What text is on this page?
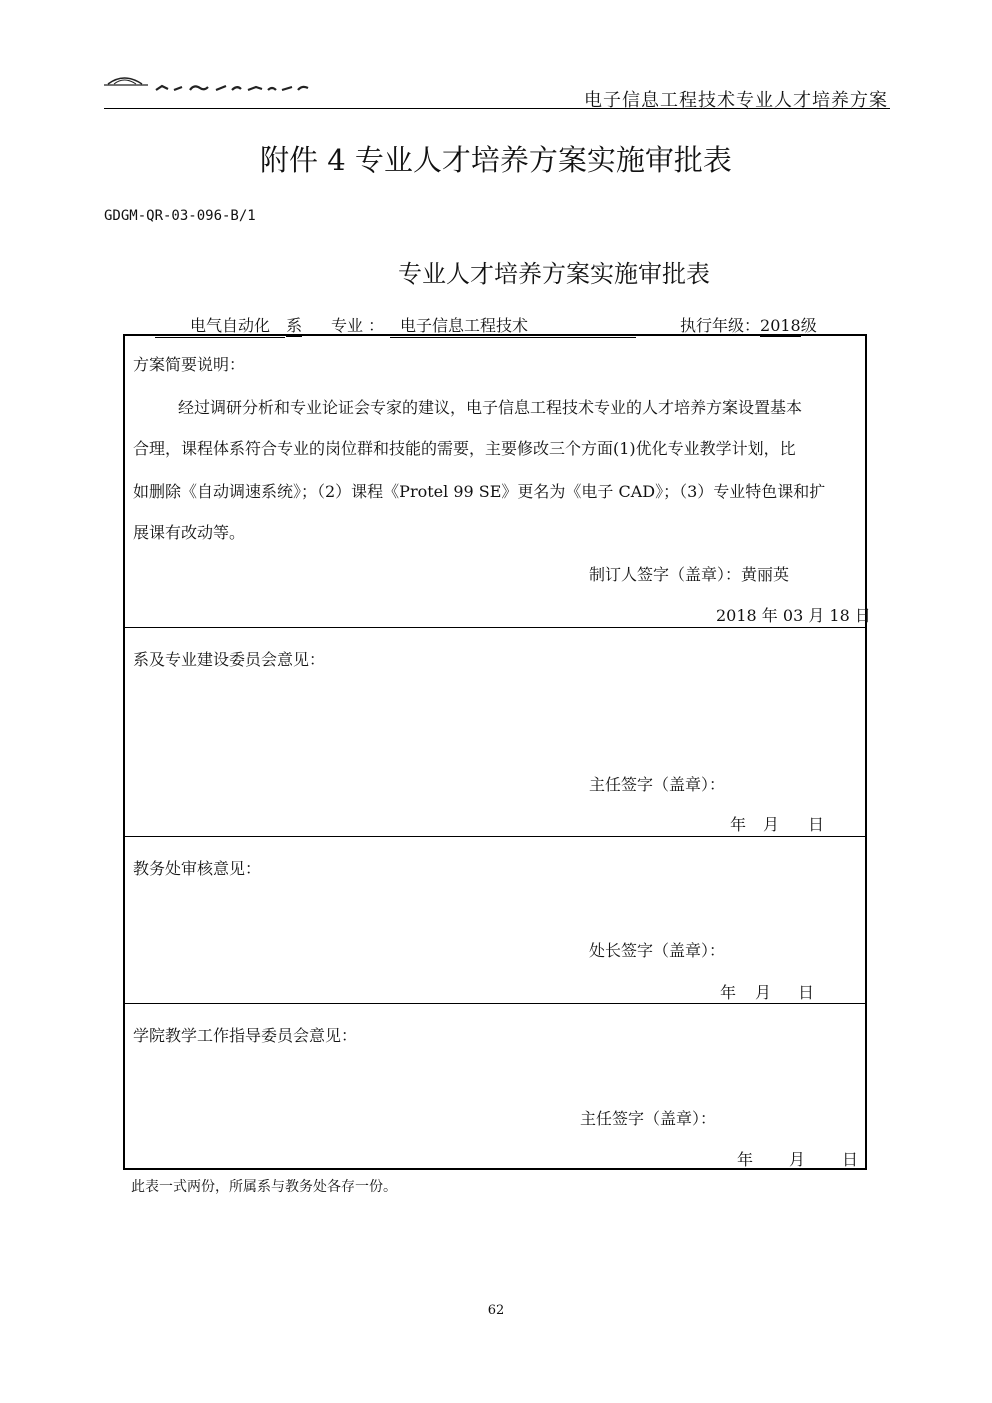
电子信息工程技术专业人才培养方案
附件 4 专业人才培养方案实施审批表
GDGM-QR-03-096-B/1
专业人才培养方案实施审批表
电气自动化 系 专业 ： 电子信息工程技术	执行年级：2018级
方案简要说明：
经过调研分析和专业论证会专家的建议，电子信息工程技术专业的人才培养方案设置基本
合理，课程体系符合专业的岗位群和技能的需要，主要修改三个方面(1)优化专业教学计划，比
如删除《自动调速系统》；（2）课程《Protel 99 SE》更名为《电子 CAD》；（3）专业特色课和扩
展课有改动等。
制订人签字（盖章）：黄丽英
2018 年 03 月 18 日
系及专业建设委员会意见：
主任签字（盖章）：
年 月 日
教务处审核意见：
处长签字（盖章）：
年 月 日
学院教学工作指导委员会意见：
主任签字（盖章）：
年 月 日
此表一式两份，所属系与教务处各存一份。
62
